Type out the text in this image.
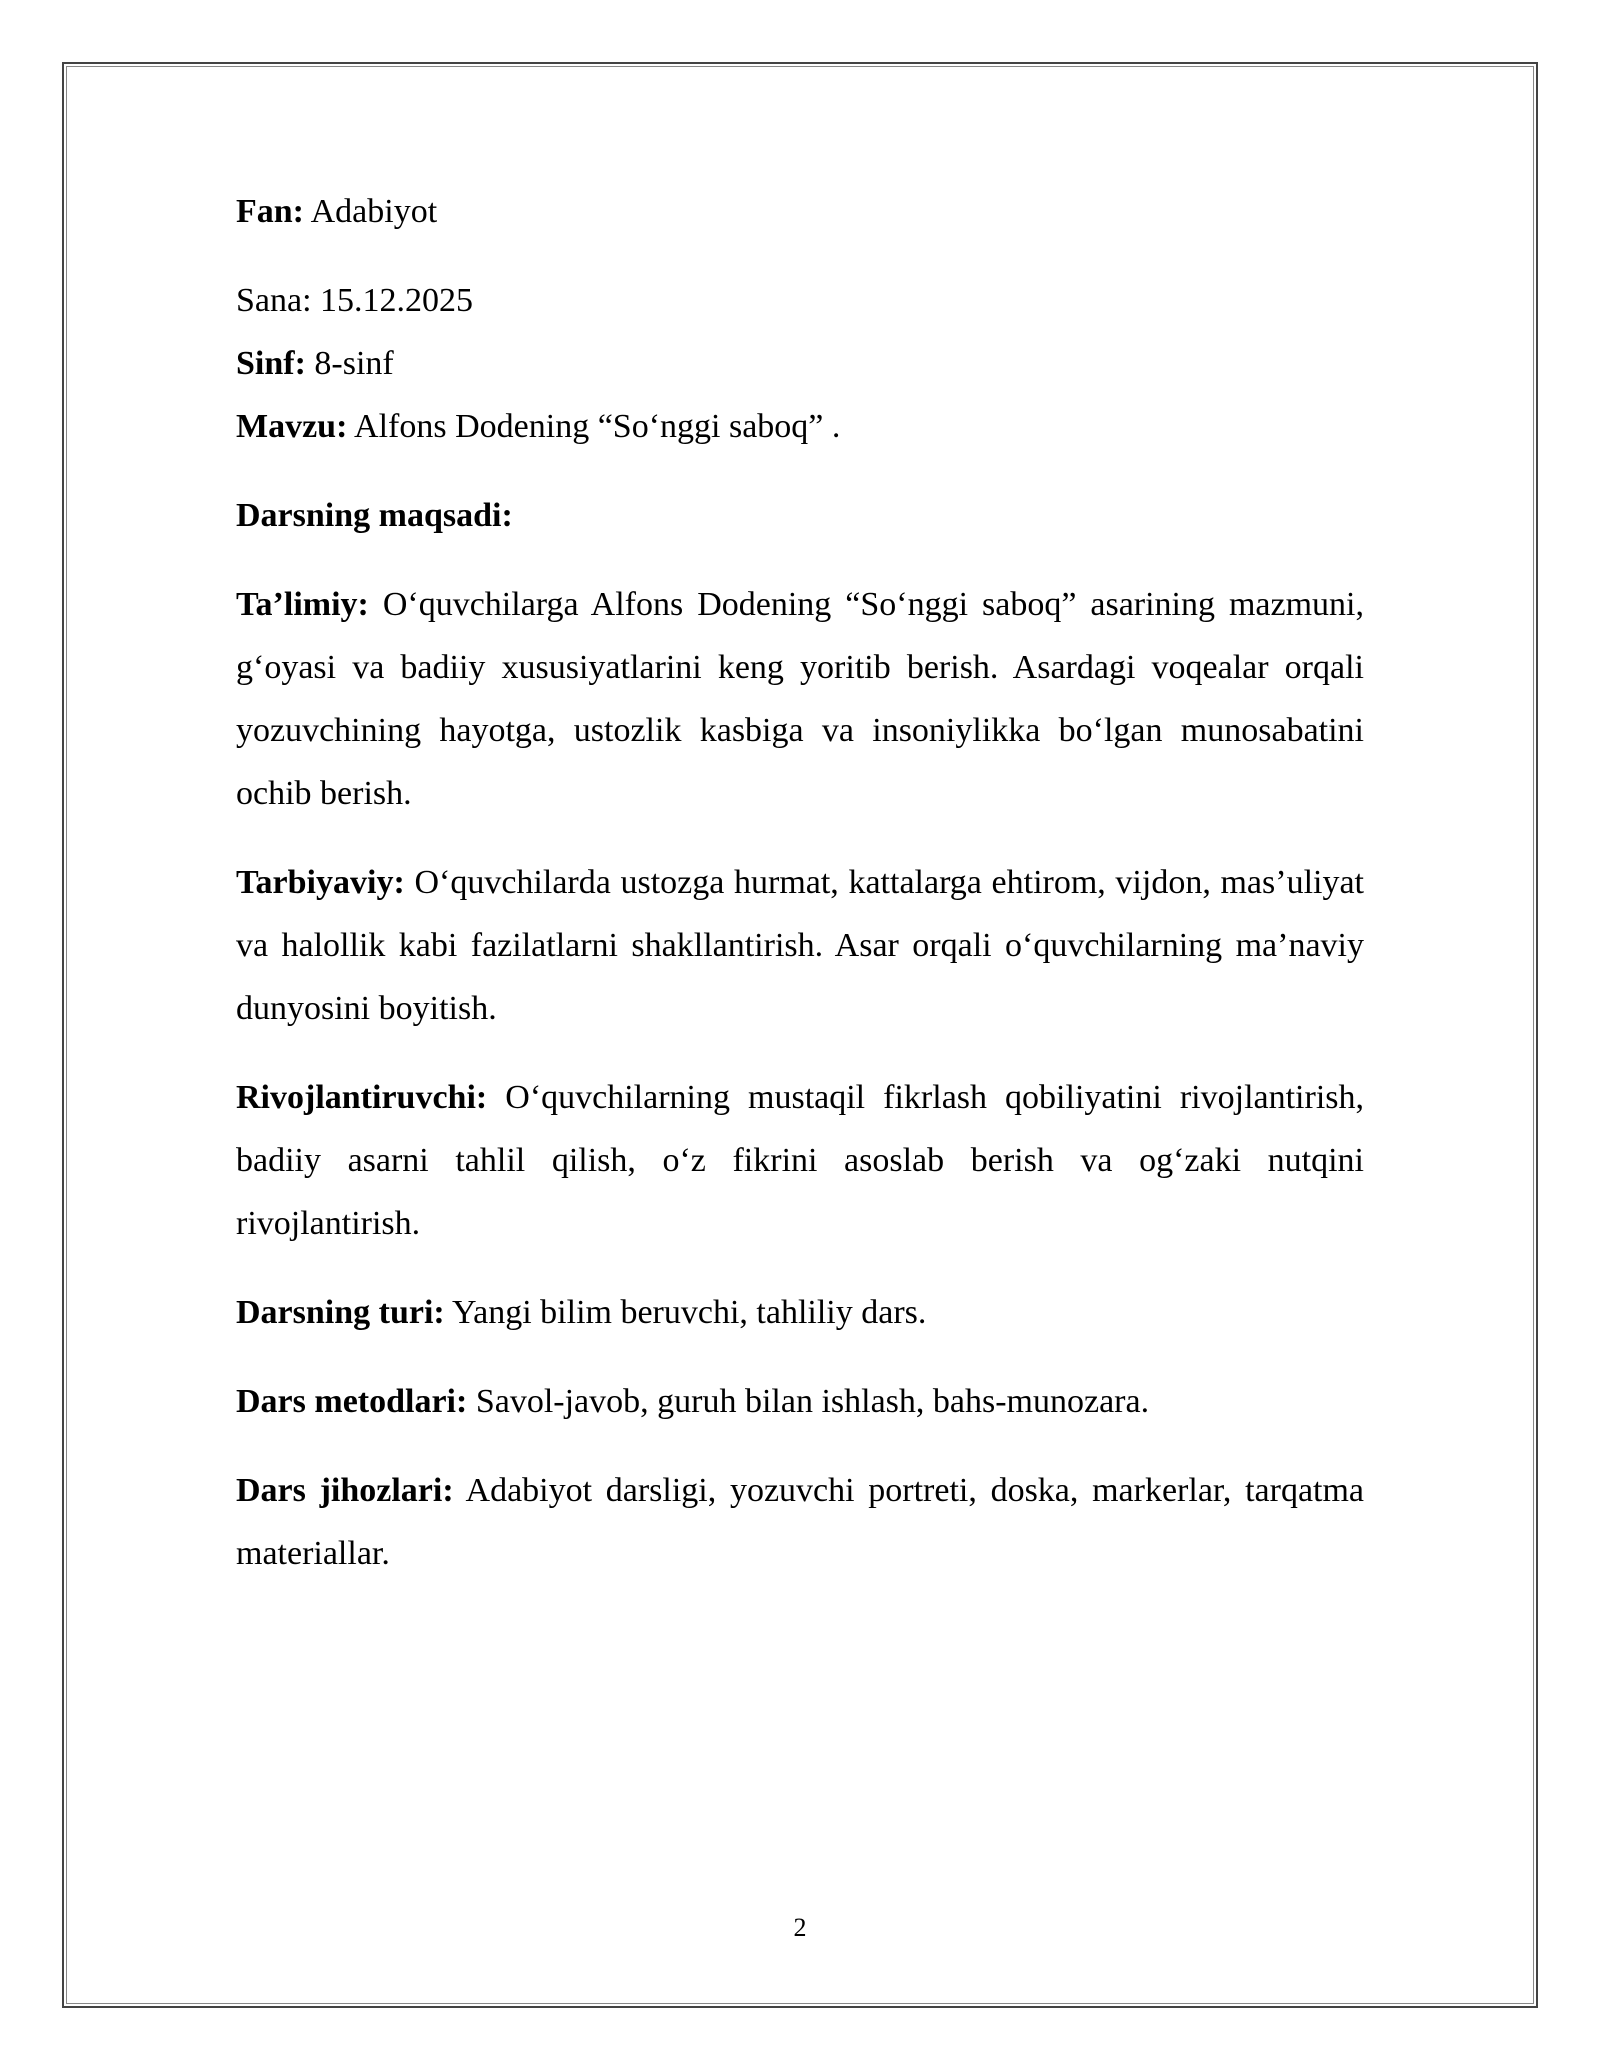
Fan: Adabiyot

Sana: 15.12.2025

Sinf: 8-sinf

Mavzu: Alfons Dodening “So‘nggi saboq” .

Darsning maqsadi:

Ta’limiy: O‘quvchilarga Alfons Dodening “So‘nggi saboq” asarining mazmuni, g‘oyasi va badiiy xususiyatlarini keng yoritib berish. Asardagi voqealar orqali yozuvchining hayotga, ustozlik kasbiga va insoniylikka bo‘lgan munosabatini ochib berish.

Tarbiyaviy: O‘quvchilarda ustozga hurmat, kattalarga ehtirom, vijdon, mas’uliyat va halollik kabi fazilatlarni shakllantirish. Asar orqali o‘quvchilarning ma’naviy dunyosini boyitish.

Rivojlantiruvchi: O‘quvchilarning mustaqil fikrlash qobiliyatini rivojlantirish, badiiy asarni tahlil qilish, o‘z fikrini asoslab berish va og‘zaki nutqini rivojlantirish.

Darsning turi: Yangi bilim beruvchi, tahliliy dars.

Dars metodlari: Savol-javob, guruh bilan ishlash, bahs-munozara.

Dars jihozlari: Adabiyot darsligi, yozuvchi portreti, doska, markerlar, tarqatma materiallar.

2
